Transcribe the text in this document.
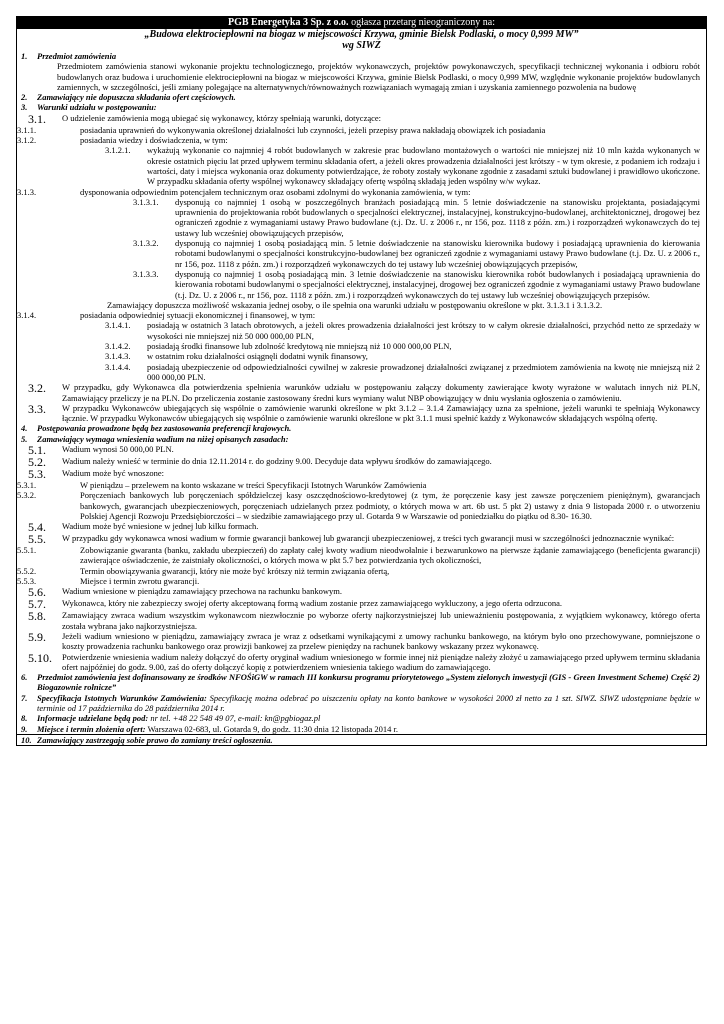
PGB Energetyka 3 Sp. z o.o. ogłasza przetarg nieograniczony na:
„Budowa elektrociepłowni na biogaz w miejscowości Krzywa, gminie Bielsk Podlaski, o mocy 0,999 MW”
wg SIWZ
1.	Przedmiot zamówienia
Przedmiotem zamówienia stanowi wykonanie projektu technologicznego, projektów wykonawczych, projektów powykonawczych, specyfikacji technicznej wykonania i odbioru robót budowlanych oraz budowa i uruchomienie elektrociepłowni na biogaz w miejscowości Krzywa, gminie Bielsk Podlaski, o mocy 0,999 MW, względnie wykonanie projektów budowlanych zamiennych, w szczególności, jeśli zmiany polegające na alternatywnych/równoważnych rozwiązaniach wymagają zmian i uzyskania zamiennego pozwolenia na budowę
2.	Zamawiający nie dopuszcza składania ofert częściowych.
3.	Warunki udziału w postępowaniu:
3.1.	O udzielenie zamówienia mogą ubiegać się wykonawcy, którzy spełniają warunki, dotyczące:
3.1.1.	posiadania uprawnień do wykonywania określonej działalności lub czynności, jeżeli przepisy prawa nakładają obowiązek ich posiadania
3.1.2.	posiadania wiedzy i doświadczenia, w tym:
3.1.2.1.	wykażują wykonanie co najmniej 4 robót budowlanych w zakresie prac budowlano montażowych o wartości nie mniejszej niż 10 mln każda wykonanych w okresie ostatnich pięciu lat przed upływem terminu składania ofert, a jeżeli okres prowadzenia działalności jest krótszy - w tym okresie, z podaniem ich rodzaju i wartości, daty i miejsca wykonania oraz dokumenty potwierdzające, że roboty zostały wykonane zgodnie z zasadami sztuki budowlanej i prawidłowo ukończone. W przypadku składania oferty wspólnej wykonawcy składający ofertę wspólną składają jeden wspólny w/w wykaz.
3.1.3.	dysponowania odpowiednim potencjałem technicznym oraz osobami zdolnymi do wykonania zamówienia, w tym:
3.1.3.1.	dysponują co najmniej 1 osobą w poszczególnych branżach posiadającą min. 5 letnie doświadczenie na stanowisku projektanta, posiadającymi uprawnienia do projektowania robót budowlanych o specjalności elektrycznej, instalacyjnej, konstrukcyjno-budowlanej, architektonicznej, drogowej bez ograniczeń zgodnie z wymaganiami ustawy Prawo budowlane (t.j. Dz. U. z 2006 r., nr 156, poz. 1118 z późn. zm.) i rozporządzeń wykonawczych do tej ustawy lub wcześniej obowiązujących przepisów,
3.1.3.2.	dysponują co najmniej 1 osobą posiadającą min. 5 letnie doświadczenie na stanowisku kierownika budowy i posiadającą uprawnienia do kierowania robotami budowlanymi o specjalności konstrukcyjno-budowlanej bez ograniczeń zgodnie z wymaganiami ustawy Prawo budowlane (t.j. Dz. U. z 2006 r., nr 156, poz. 1118 z późn. zm.) i rozporządzeń wykonawczych do tej ustawy lub wcześniej obowiązujących przepisów,
3.1.3.3.	dysponują co najmniej 1 osobą posiadającą min. 3 letnie doświadczenie na stanowisku kierownika robót budowlanych i posiadającą uprawnienia do kierowania robotami budowlanymi o specjalności elektrycznej, instalacyjnej, drogowej bez ograniczeń zgodnie z wymaganiami ustawy Prawo budowlane (t.j. Dz. U. z 2006 r., nr 156, poz. 1118 z późn. zm.) i rozporządzeń wykonawczych do tej ustawy lub wcześniej obowiązujących przepisów.
Zamawiający dopuszcza możliwość wskazania jednej osoby, o ile spełnia ona warunki udziału w postępowaniu określone w pkt. 3.1.3.1 i 3.1.3.2.
3.1.4.	posiadania odpowiedniej sytuacji ekonomicznej i finansowej, w tym:
3.1.4.1.	posiadają w ostatnich 3 latach obrotowych, a jeżeli okres prowadzenia działalności jest krótszy to w całym okresie działalności, przychód netto ze sprzedaży w wysokości nie mniejszej niż 50 000 000,00 PLN,
3.1.4.2.	posiadają środki finansowe lub zdolność kredytową nie mniejszą niż 10 000 000,00 PLN,
3.1.4.3.	w ostatnim roku działalności osiągnęli dodatni wynik finansowy,
3.1.4.4.	posiadają ubezpieczenie od odpowiedzialności cywilnej w zakresie prowadzonej działalności związanej z przedmiotem zamówienia na kwotę nie mniejszą niż 2 000 000,00 PLN.
3.2.	W przypadku, gdy Wykonawca dla potwierdzenia spełnienia warunków udziału w postępowaniu załączy dokumenty zawierające kwoty wyrażone w walutach innych niż PLN, Zamawiający przeliczy je na PLN. Do przeliczenia zostanie zastosowany średni kurs wymiany walut NBP obowiązujący w dniu wysłania ogłoszenia o zamówieniu.
3.3.	W przypadku Wykonawców ubiegających się wspólnie o zamówienie warunki określone w pkt 3.1.2 – 3.1.4 Zamawiający uzna za spełnione, jeżeli warunki te spełniają Wykonawcy łącznie. W przypadku Wykonawców ubiegających się wspólnie o zamówienie warunki określone w pkt 3.1.1 musi spełnić każdy z Wykonawców składających wspólną ofertę.
4.	Postępowania prowadzone będą bez zastosowania preferencji krajowych.
5.	Zamawiający wymaga wniesienia wadium na niżej opisanych zasadach:
5.1.	Wadium wynosi 50 000,00 PLN.
5.2.	Wadium należy wnieść w terminie do dnia 12.11.2014 r. do godziny 9.00. Decyduje data wpływu środków do zamawiającego.
5.3.	Wadium może być wnoszone:
5.3.1.	W pieniądzu – przelewem na konto wskazane w treści Specyfikacji Istotnych Warunków Zamówienia
5.3.2.	Poręczeniach bankowych lub poręczeniach spółdzielczej kasy oszczędnościowo-kredytowej (z tym, że poręczenie kasy jest zawsze poręczeniem pieniężnym), gwarancjach bankowych, gwarancjach ubezpieczeniowych, poręczeniach udzielanych przez podmioty, o których mowa w art. 6b ust. 5 pkt 2) ustawy z dnia 9 listopada 2000 r. o utworzeniu Polskiej Agencji Rozwoju Przedsiębiorczości – w siedzibie zamawiającego przy ul. Gotarda 9 w Warszawie od poniedziałku do piątku od 8.30- 16.30.
5.4.	Wadium może być wniesione w jednej lub kilku formach.
5.5.	W przypadku gdy wykonawca wnosi wadium w formie gwarancji bankowej lub gwarancji ubezpieczeniowej, z treści tych gwarancji musi w szczególności jednoznacznie wynikać:
5.5.1.	Zobowiązanie gwaranta (banku, zakładu ubezpieczeń) do zapłaty całej kwoty wadium nieodwołalnie i bezwarunkowo na pierwsze żądanie zamawiającego (beneficjenta gwarancji) zawierające oświadczenie, że zaistniały okoliczności, o których mowa w pkt 5.7 bez potwierdzania tych okoliczności,
5.5.2.	Termin obowiązywania gwarancji, który nie może być krótszy niż termin związania ofertą,
5.5.3.	Miejsce i termin zwrotu gwarancji.
5.6.	Wadium wniesione w pieniądzu zamawiający przechowa na rachunku bankowym.
5.7.	Wykonawca, który nie zabezpieczy swojej oferty akceptowaną formą wadium zostanie przez zamawiającego wykluczony, a jego oferta odrzucona.
5.8.	Zamawiający zwraca wadium wszystkim wykonawcom niezwłocznie po wyborze oferty najkorzystniejszej lub unieważnieniu postępowania, z wyjątkiem wykonawcy, którego oferta została wybrana jako najkorzystniejsza.
5.9.	Jeżeli wadium wniesiono w pieniądzu, zamawiający zwraca je wraz z odsetkami wynikającymi z umowy rachunku bankowego, na którym było ono przechowywane, pomniejszone o koszty prowadzenia rachunku bankowego oraz prowizji bankowej za przelew pieniędzy na rachunek bankowy wskazany przez wykonawcę.
5.10.	Potwierdzenie wniesienia wadium należy dołączyć do oferty oryginał wadium wniesionego w formie innej niż pieniądze należy złożyć u zamawiającego przed upływem terminu składania ofert najpóźniej do godz. 9.00, zaś do oferty dołączyć kopię z potwierdzeniem wniesienia takiego wadium do zamawiającego.
6.	Przedmiot zamówienia jest dofinansowany ze środków NFOŚiGW w ramach III konkursu programu priorytetowego „System zielonych inwestycji (GIS - Green Investment Scheme) Część 2) Biogazownie rolnicze”
7.	Specyfikacja Istotnych Warunków Zamówienia: Specyfikację można odebrać po uiszczeniu opłaty na konto bankowe w wysokości 2000 zł netto za 1 szt. SIWZ. SIWZ udostępniane będzie w terminie od 17 października do 28 października 2014 r.
8.	Informacje udzielane będą pod: nr tel. +48 22 548 49 07, e-mail: kn@pgbiogaz.pl
9.	Miejsce i termin złożenia ofert: Warszawa 02-683, ul. Gotarda 9, do godz. 11:30 dnia 12 listopada 2014 r.
10. Zamawiający zastrzegają sobie prawo do zamiany treści ogłoszenia.
